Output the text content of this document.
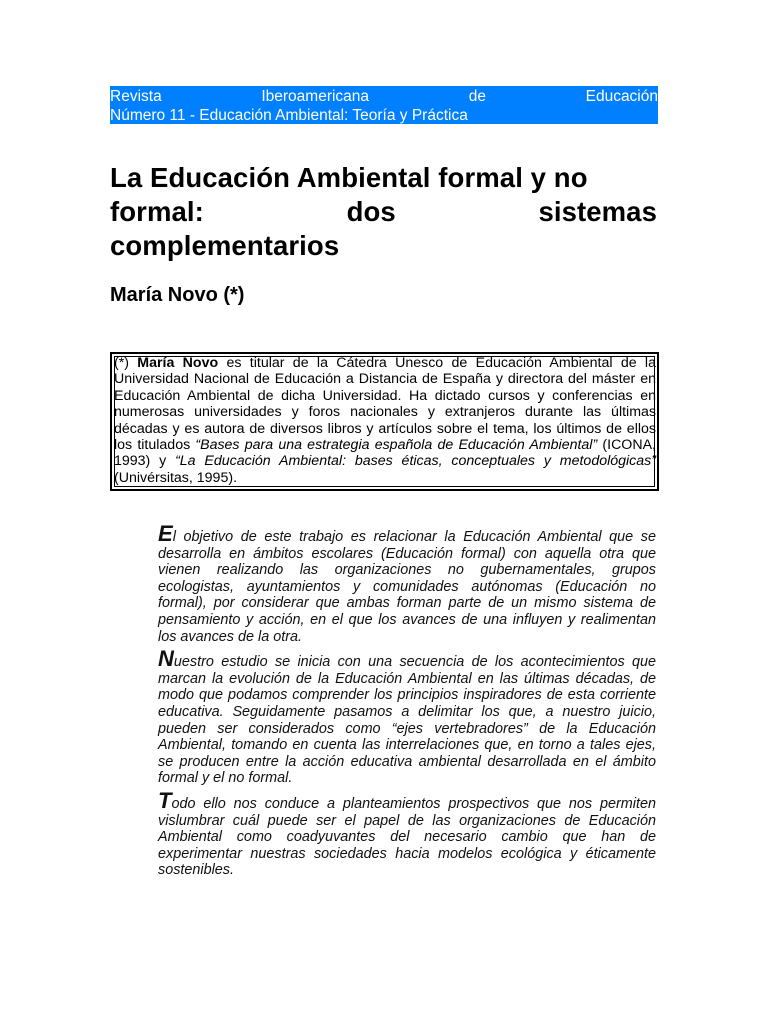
Revista	Iberoamericana	de	Educación
Número 11 - Educación Ambiental: Teoría y Práctica
La Educación Ambiental formal y no
formal:	dos	sistemas
complementarios
María Novo (*)
(*) María Novo es titular de la Cátedra Unesco de Educación Ambiental de la Universidad Nacional de Educación a Distancia de España y directora del máster en Educación Ambiental de dicha Universidad. Ha dictado cursos y conferencias en numerosas universidades y foros nacionales y extranjeros durante las últimas décadas y es autora de diversos libros y artículos sobre el tema, los últimos de ellos los titulados “Bases para una estrategia española de Educación Ambiental” (ICONA, 1993) y “La Educación Ambiental: bases éticas, conceptuales y metodológicas” (Univérsitas, 1995).

El objetivo de este trabajo es relacionar la Educación Ambiental que se desarrolla en ámbitos escolares (Educación formal) con aquella otra que vienen realizando las organizaciones no gubernamentales, grupos ecologistas, ayuntamientos y comunidades autónomas (Educación no formal), por considerar que ambas forman parte de un mismo sistema de pensamiento y acción, en el que los avances de una influyen y realimentan los avances de la otra.

Nuestro estudio se inicia con una secuencia de los acontecimientos que marcan la evolución de la Educación Ambiental en las últimas décadas, de modo que podamos comprender los principios inspiradores de esta corriente educativa. Seguidamente pasamos a delimitar los que, a nuestro juicio, pueden ser considerados como “ejes vertebradores” de la Educación Ambiental, tomando en cuenta las interrelaciones que, en torno a tales ejes, se producen entre la acción educativa ambiental desarrollada en el ámbito formal y el no formal.

Todo ello nos conduce a planteamientos prospectivos que nos permiten vislumbrar cuál puede ser el papel de las organizaciones de Educación Ambiental como coadyuvantes del necesario cambio que han de experimentar nuestras sociedades hacia modelos ecológica y éticamente sostenibles.
